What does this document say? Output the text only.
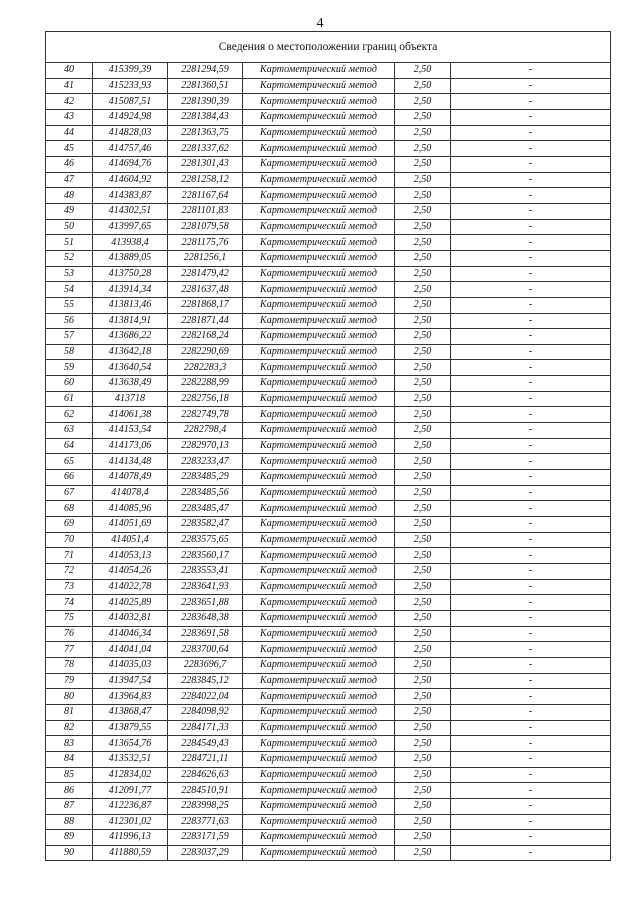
4
Сведения о местоположении границ объекта					
40	415399,39	2281294,59	Картометрический метод	2,50	-
41	415233,93	2281360,51	Картометрический метод	2,50	-
42	415087,51	2281390,39	Картометрический метод	2,50	-
43	414924,98	2281384,43	Картометрический метод	2,50	-
44	414828,03	2281363,75	Картометрический метод	2,50	-
45	414757,46	2281337,62	Картометрический метод	2,50	-
46	414694,76	2281301,43	Картометрический метод	2,50	-
47	414604,92	2281258,12	Картометрический метод	2,50	-
48	414383,87	2281167,64	Картометрический метод	2,50	-
49	414302,51	2281101,83	Картометрический метод	2,50	-
50	413997,65	2281079,58	Картометрический метод	2,50	-
51	413938,4	2281175,76	Картометрический метод	2,50	-
52	413889,05	2281256,1	Картометрический метод	2,50	-
53	413750,28	2281479,42	Картометрический метод	2,50	-
54	413914,34	2281637,48	Картометрический метод	2,50	-
55	413813,46	2281868,17	Картометрический метод	2,50	-
56	413814,91	2281871,44	Картометрический метод	2,50	-
57	413686,22	2282168,24	Картометрический метод	2,50	-
58	413642,18	2282290,69	Картометрический метод	2,50	-
59	413640,54	2282283,3	Картометрический метод	2,50	-
60	413638,49	2282288,99	Картометрический метод	2,50	-
61	413718	2282756,18	Картометрический метод	2,50	-
62	414061,38	2282749,78	Картометрический метод	2,50	-
63	414153,54	2282798,4	Картометрический метод	2,50	-
64	414173,06	2282970,13	Картометрический метод	2,50	-
65	414134,48	2283233,47	Картометрический метод	2,50	-
66	414078,49	2283485,29	Картометрический метод	2,50	-
67	414078,4	2283485,56	Картометрический метод	2,50	-
68	414085,96	2283485,47	Картометрический метод	2,50	-
69	414051,69	2283582,47	Картометрический метод	2,50	-
70	414051,4	2283575,65	Картометрический метод	2,50	-
71	414053,13	2283560,17	Картометрический метод	2,50	-
72	414054,26	2283553,41	Картометрический метод	2,50	-
73	414022,78	2283641,93	Картометрический метод	2,50	-
74	414025,89	2283651,88	Картометрический метод	2,50	-
75	414032,81	2283648,38	Картометрический метод	2,50	-
76	414046,34	2283691,58	Картометрический метод	2,50	-
77	414041,04	2283700,64	Картометрический метод	2,50	-
78	414035,03	2283696,7	Картометрический метод	2,50	-
79	413947,54	2283845,12	Картометрический метод	2,50	-
80	413964,83	2284022,04	Картометрический метод	2,50	-
81	413868,47	2284098,92	Картометрический метод	2,50	-
82	413879,55	2284171,33	Картометрический метод	2,50	-
83	413654,76	2284549,43	Картометрический метод	2,50	-
84	413532,51	2284721,11	Картометрический метод	2,50	-
85	412834,02	2284626,63	Картометрический метод	2,50	-
86	412091,77	2284510,91	Картометрический метод	2,50	-
87	412236,87	2283998,25	Картометрический метод	2,50	-
88	412301,02	2283771,63	Картометрический метод	2,50	-
89	411996,13	2283171,59	Картометрический метод	2,50	-
90	411880,59	2283037,29	Картометрический метод	2,50	-
